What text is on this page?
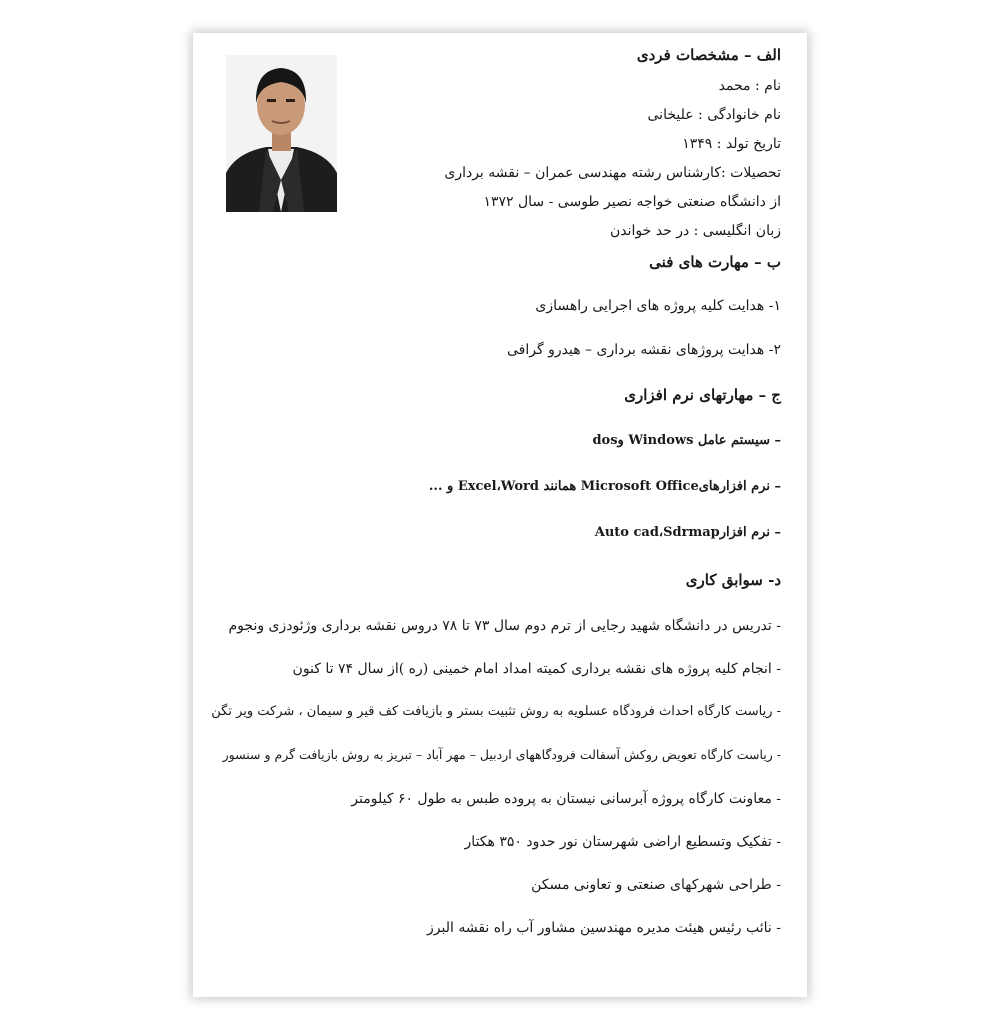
الف – مشخصات فردی
نام : محمد
نام خانوادگی : علیخانی
تاریخ تولد : ۱۳۴۹
تحصیلات :کارشناس رشته مهندسی عمران – نقشه برداری
از دانشگاه صنعتی خواجه نصیر طوسی - سال ۱۳۷۲
زبان انگلیسی : در حد خواندن
ب – مهارت های فنی
۱- هدایت کلیه پروژه های اجرایی راهسازی
۲- هدایت پروژهای نقشه برداری – هیدرو گرافی
ج – مهارتهای نرم افزاری
– سیستم عامل Windows وdos
– نرم افزارهایMicrosoft Office همانند Excel،Word و ...
– نرم افزارAuto cad،Sdrmap
د- سوابق کاری
- تدریس در دانشگاه شهید رجایی از ترم دوم سال ۷۳ تا ۷۸ دروس نقشه برداری وژئودزی ونجوم
- انجام کلیه پروژه های نقشه برداری کمیته امداد امام خمینی (ره )از سال ۷۴ تا کنون
- ریاست کارگاه احداث فرودگاه عسلویه به روش تثبیت بستر و بازیافت کف قیر و سیمان ، شرکت ویر تگن
- ریاست کارگاه تعویض روکش آسفالت فرودگاههای اردبیل – مهر آباد – تبریز به روش بازیافت گرم و سنسور
- معاونت کارگاه پروژه آبرسانی نیستان به پروده طبس به طول ۶۰ کیلومتر
- تفکیک وتسطیع اراضی شهرستان نور حدود ۳۵۰ هکتار
- طراحی شهرکهای صنعتی و تعاونی مسکن
- نائب رئیس هیئت مدیره مهندسین مشاور آب راه نقشه البرز
